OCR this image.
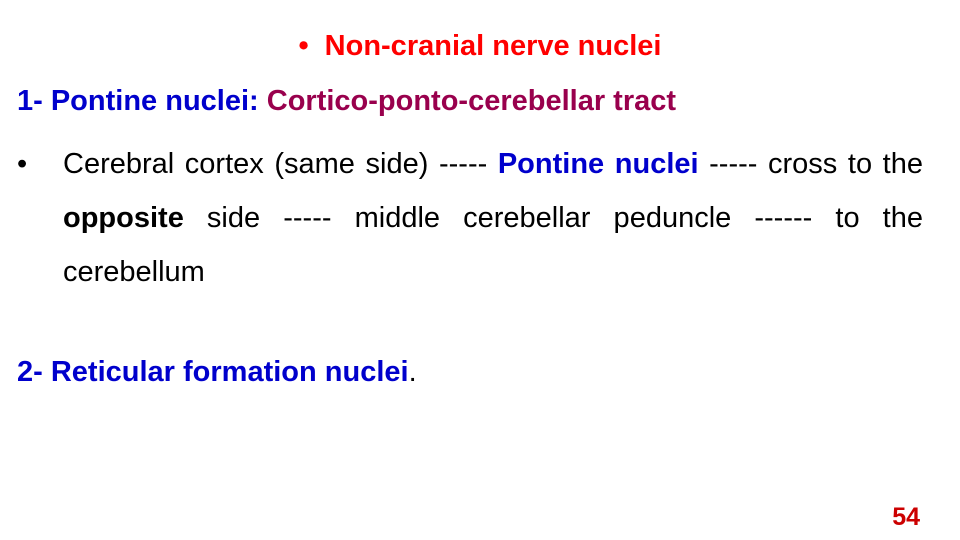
• Non-cranial nerve nuclei
1- Pontine nuclei: Cortico-ponto-cerebellar tract
• Cerebral cortex (same side) ----- Pontine nuclei ----- cross to the opposite side ----- middle cerebellar peduncle ------ to the cerebellum
2- Reticular formation nuclei.
54
